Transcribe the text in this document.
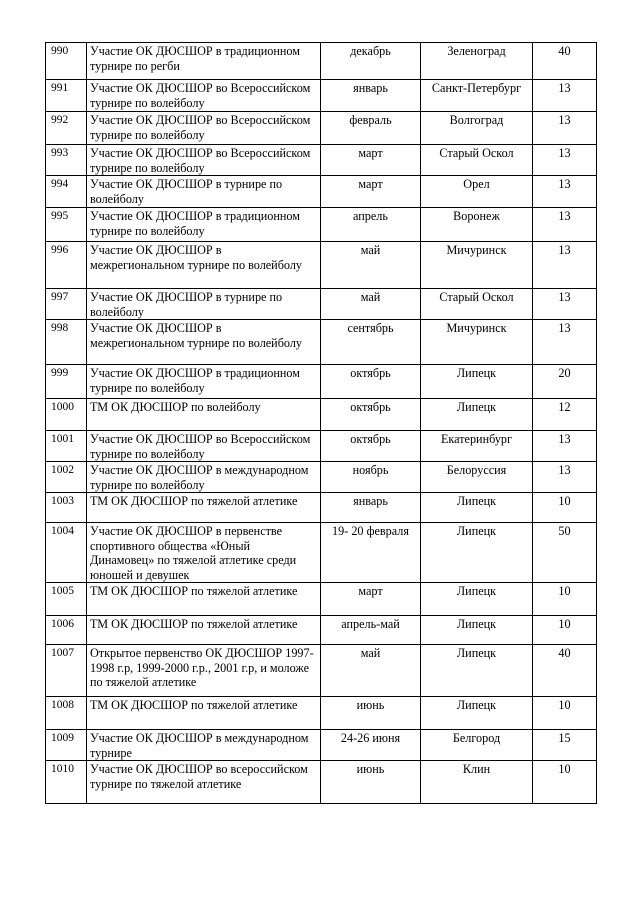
990	Участие ОК ДЮСШОР в традиционном турнире по регби	декабрь	Зеленоград	40
991	Участие ОК ДЮСШОР во Всероссийском турнире по волейболу	январь	Санкт-Петербург	13
992	Участие ОК ДЮСШОР во Всероссийском турнире по волейболу	февраль	Волгоград	13
993	Участие ОК ДЮСШОР во Всероссийском турнире по волейболу	март	Старый Оскол	13
994	Участие ОК ДЮСШОР в турнире по волейболу	март	Орел	13
995	Участие ОК ДЮСШОР в традиционном турнире по волейболу	апрель	Воронеж	13
996	Участие ОК ДЮСШОР в межрегиональном турнире по волейболу	май	Мичуринск	13
997	Участие ОК ДЮСШОР в турнире по волейболу	май	Старый Оскол	13
998	Участие ОК ДЮСШОР в межрегиональном турнире по волейболу	сентябрь	Мичуринск	13
999	Участие ОК ДЮСШОР в традиционном турнире по волейболу	октябрь	Липецк	20
1000	ТМ ОК ДЮСШОР по волейболу	октябрь	Липецк	12
1001	Участие ОК ДЮСШОР во Всероссийском турнире по волейболу	октябрь	Екатеринбург	13
1002	Участие ОК ДЮСШОР в международном турнире по волейболу	ноябрь	Белоруссия	13
1003	ТМ ОК ДЮСШОР по тяжелой атлетике	январь	Липецк	10
1004	Участие ОК ДЮСШОР в первенстве спортивного общества «Юный Динамовец» по тяжелой атлетике среди юношей и девушек	19- 20 февраля	Липецк	50
1005	ТМ ОК ДЮСШОР по тяжелой атлетике	март	Липецк	10
1006	ТМ ОК ДЮСШОР по тяжелой атлетике	апрель-май	Липецк	10
1007	Открытое первенство ОК ДЮСШОР 1997-1998 г.р, 1999-2000 г.р., 2001 г.р, и моложе по тяжелой атлетике	май	Липецк	40
1008	ТМ ОК ДЮСШОР по тяжелой атлетике	июнь	Липецк	10
1009	Участие ОК ДЮСШОР в международном турнире	24-26 июня	Белгород	15
1010	Участие ОК ДЮСШОР во всероссийском турнире по тяжелой атлетике	июнь	Клин	10
